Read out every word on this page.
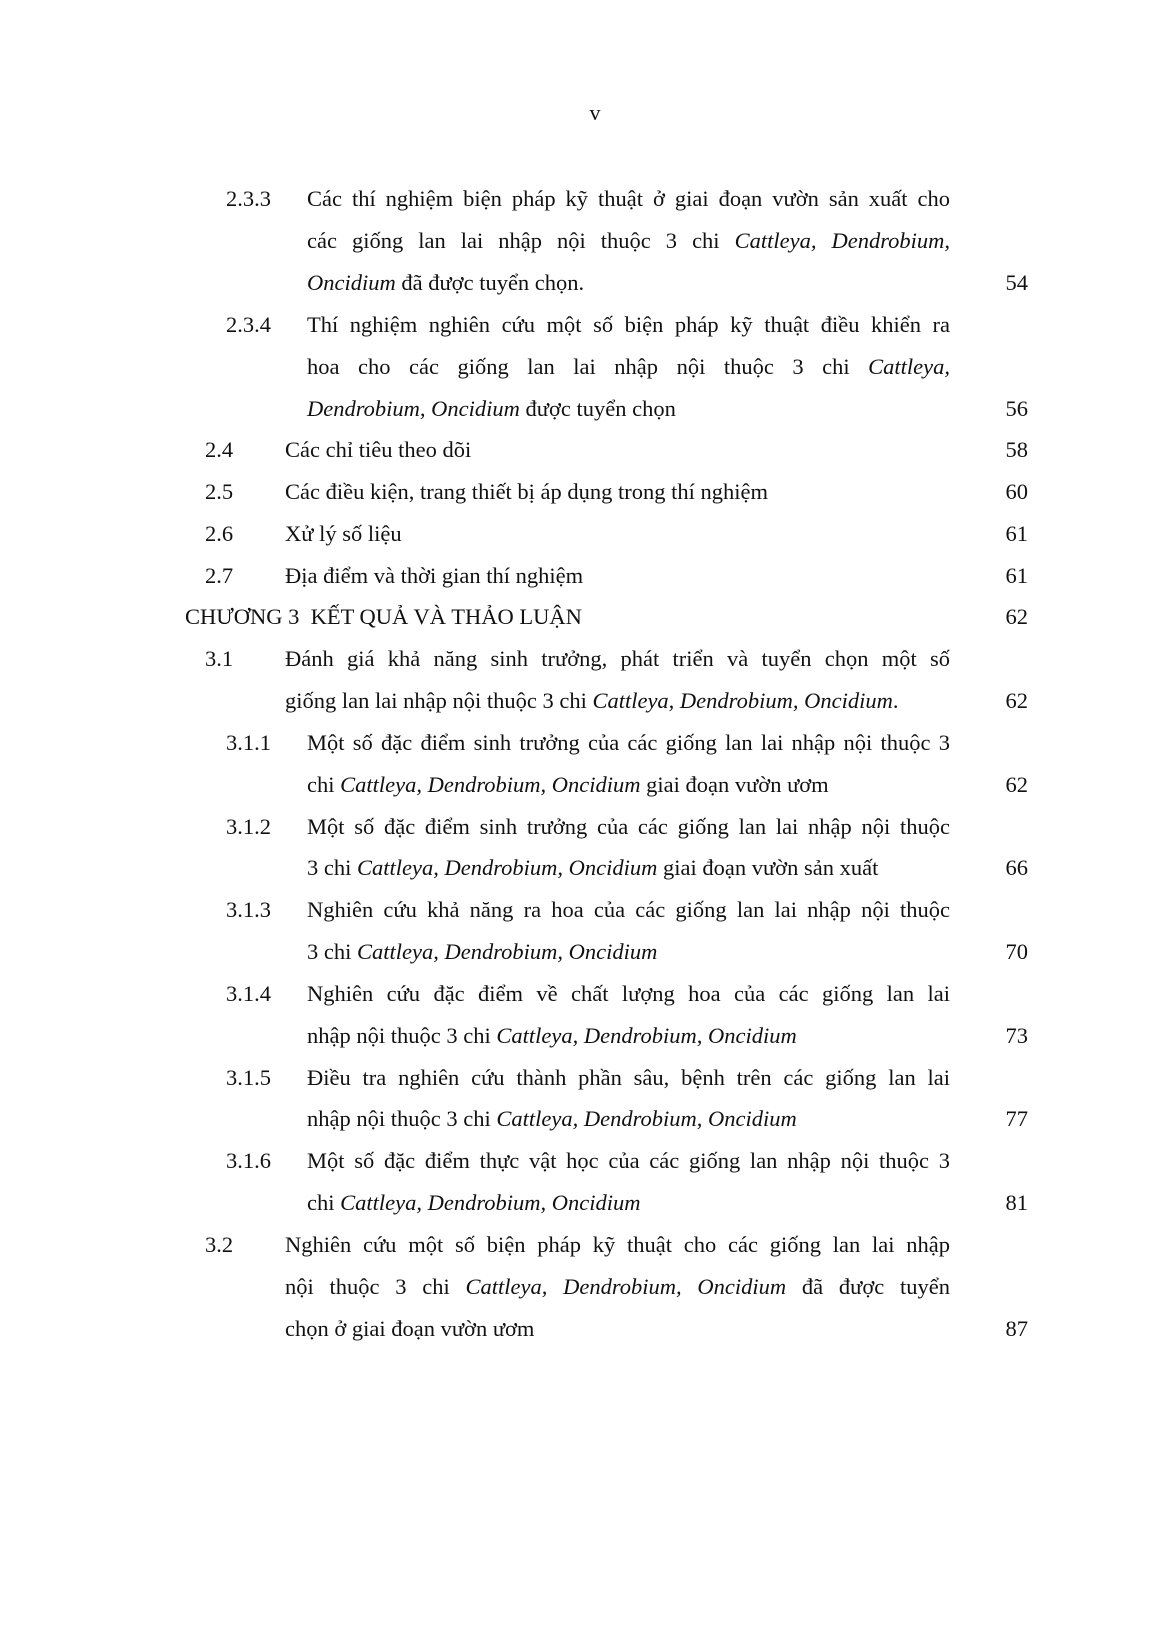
v
2.3.3 Các thí nghiệm biện pháp kỹ thuật ở giai đoạn vườn sản xuất cho
các giống lan lai nhập nội thuộc 3 chi Cattleya, Dendrobium,
Oncidium đã được tuyển chọn.	54
2.3.4 Thí nghiệm nghiên cứu một số biện pháp kỹ thuật điều khiển ra
hoa cho các giống lan lai nhập nội thuộc 3 chi Cattleya,
Dendrobium, Oncidium được tuyển chọn	56
2.4 Các chỉ tiêu theo dõi	58
2.5 Các điều kiện, trang thiết bị áp dụng trong thí nghiệm	60
2.6 Xử lý số liệu	61
2.7 Địa điểm và thời gian thí nghiệm	61
CHƯƠNG 3  KẾT QUẢ VÀ THẢO LUẬN	62
3.1 Đánh giá khả năng sinh trưởng, phát triển và tuyển chọn một số
giống lan lai nhập nội thuộc 3 chi Cattleya, Dendrobium, Oncidium.	62
3.1.1 Một số đặc điểm sinh trưởng của các giống lan lai nhập nội thuộc 3
chi Cattleya, Dendrobium, Oncidium giai đoạn vườn ươm	62
3.1.2 Một số đặc điểm sinh trưởng của các giống lan lai nhập nội thuộc
3 chi Cattleya, Dendrobium, Oncidium giai đoạn vườn sản xuất	66
3.1.3 Nghiên cứu khả năng ra hoa của các giống lan lai nhập nội thuộc
3 chi Cattleya, Dendrobium, Oncidium	70
3.1.4 Nghiên cứu đặc điểm về chất lượng hoa của các giống lan lai
nhập nội thuộc 3 chi Cattleya, Dendrobium, Oncidium	73
3.1.5 Điều tra nghiên cứu thành phần sâu, bệnh trên các giống lan lai
nhập nội thuộc 3 chi Cattleya, Dendrobium, Oncidium	77
3.1.6 Một số đặc điểm thực vật học của các giống lan nhập nội thuộc 3
chi Cattleya, Dendrobium, Oncidium	81
3.2 Nghiên cứu một số biện pháp kỹ thuật cho các giống lan lai nhập
nội thuộc 3 chi Cattleya, Dendrobium, Oncidium đã được tuyển
chọn ở giai đoạn vườn ươm	87
